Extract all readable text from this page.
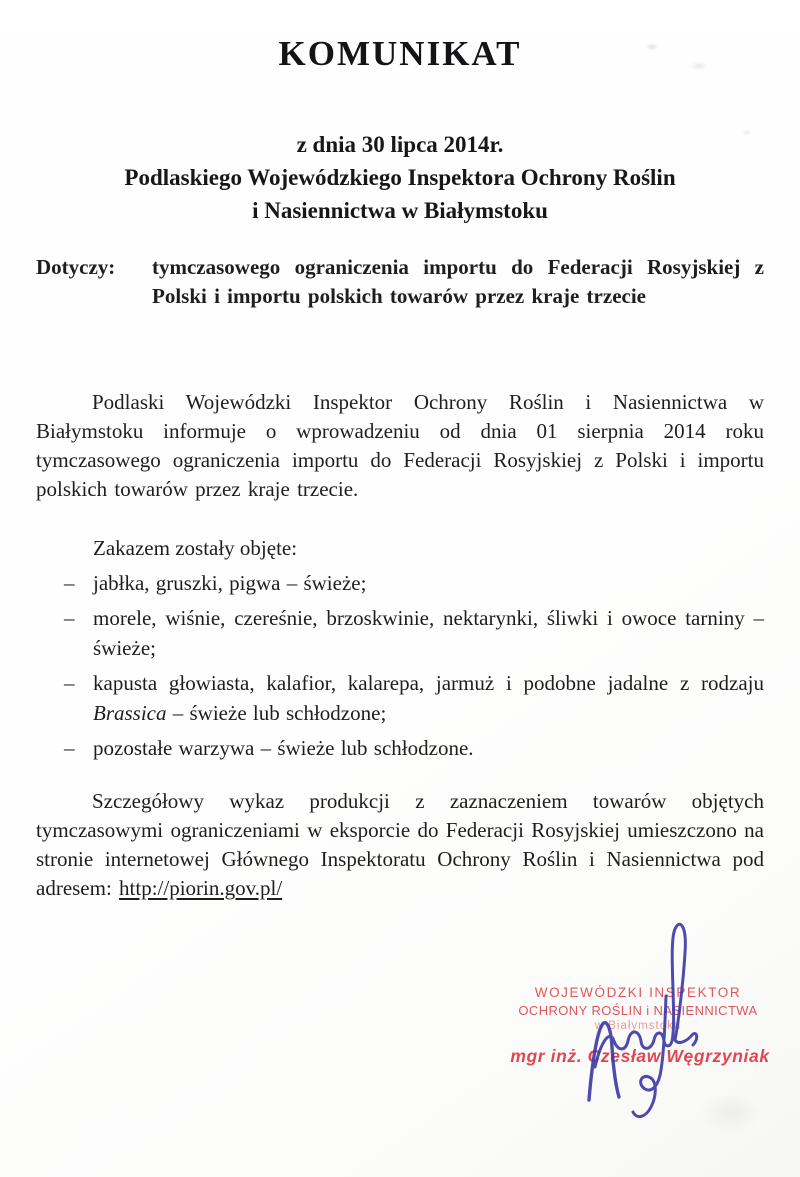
KOMUNIKAT
z dnia 30 lipca 2014r.
Podlaskiego Wojewódzkiego Inspektora Ochrony Roślin
i Nasiennictwa w Białymstoku
Dotyczy:	tymczasowego ograniczenia importu do Federacji Rosyjskiej z Polski i importu polskich towarów przez kraje trzecie

Podlaski Wojewódzki Inspektor Ochrony Roślin i Nasiennictwa w Białymstoku informuje o wprowadzeniu od dnia 01 sierpnia 2014 roku tymczasowego ograniczenia importu do Federacji Rosyjskiej z Polski i importu polskich towarów przez kraje trzecie.

Zakazem zostały objęte:

– jabłka, gruszki, pigwa – świeże;
– morele, wiśnie, czereśnie, brzoskwinie, nektarynki, śliwki i owoce tarniny – świeże;
– kapusta głowiasta, kalafior, kalarepa, jarmuż i podobne jadalne z rodzaju Brassica – świeże lub schłodzone;
– pozostałe warzywa – świeże lub schłodzone.

Szczegółowy wykaz produkcji z zaznaczeniem towarów objętych tymczasowymi ograniczeniami w eksporcie do Federacji Rosyjskiej umieszczono na stronie internetowej Głównego Inspektoratu Ochrony Roślin i Nasiennictwa pod adresem: http://piorin.gov.pl/

WOJEWÓDZKI INSPEKTOR
OCHRONY ROŚLIN i NASIENNICTWA
w Białymstoku
mgr inż. Czesław Węgrzyniak
